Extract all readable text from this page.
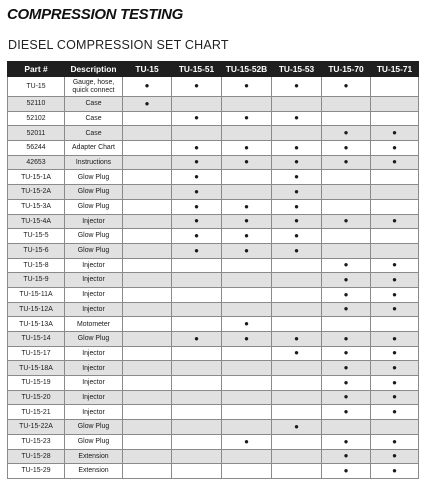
COMPRESSION TESTING
DIESEL COMPRESSION SET CHART
Part #	Description	TU-15	TU-15-51	TU-15-52B	TU-15-53	TU-15-70	TU-15-71
TU-15	Gauge, hose, quick connect	●	●	●	●	●	
52110	Case	●					
52102	Case		●	●	●		
52011	Case					●	●
56244	Adapter Chart		●	●	●	●	●
42653	Instructions		●	●	●	●	●
TU-15-1A	Glow Plug		●		●		
TU-15-2A	Glow Plug		●		●		
TU-15-3A	Glow Plug		●	●	●		
TU-15-4A	Injector		●	●	●	●	●
TU-15-5	Glow Plug		●	●	●		
TU-15-6	Glow Plug		●	●	●		
TU-15-8	Injector					●	●
TU-15-9	Injector					●	●
TU-15-11A	Injector					●	●
TU-15-12A	Injector					●	●
TU-15-13A	Motometer			●			
TU-15-14	Glow Plug		●	●	●	●	●
TU-15-17	Injector				●	●	●
TU-15-18A	Injector					●	●
TU-15-19	Injector					●	●
TU-15-20	Injector					●	●
TU-15-21	Injector					●	●
TU-15-22A	Glow Plug				●		
TU-15-23	Glow Plug			●		●	●
TU-15-28	Extension					●	●
TU-15-29	Extension					●	●
